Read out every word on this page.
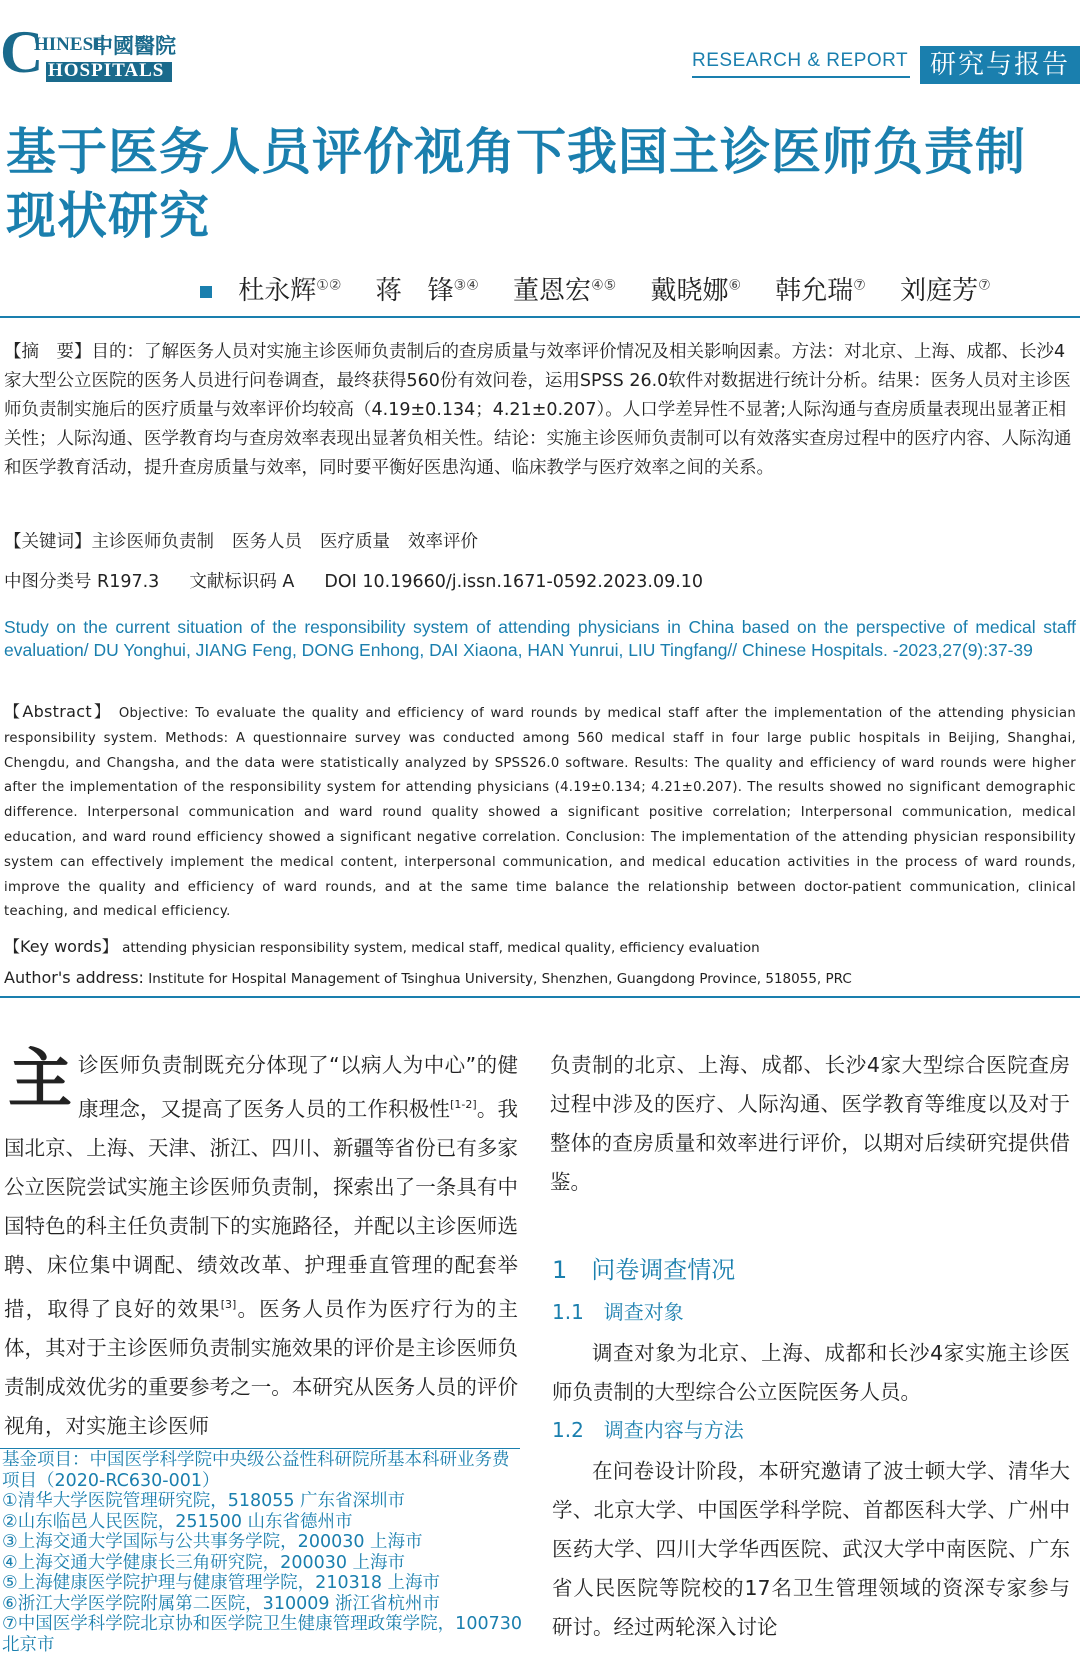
C
HINESE
中國醫院
HOSPITALS	RESEARCH & REPORT 研究与报告
基于医务人员评价视角下我国主诊医师负责制
现状研究
杜永辉①② 蒋　锋③④ 董恩宏④⑤ 戴晓娜⑥ 韩允瑞⑦ 刘庭芳⑦
【摘　要】目的：了解医务人员对实施主诊医师负责制后的查房质量与效率评价情况及相关影响因素。方法：对北京、上海、成都、长沙4家大型公立医院的医务人员进行问卷调查，最终获得560份有效问卷，运用SPSS 26.0软件对数据进行统计分析。结果：医务人员对主诊医师负责制实施后的医疗质量与效率评价均较高（4.19±0.134；4.21±0.207）。人口学差异性不显著;人际沟通与查房质量表现出显著正相关性；人际沟通、医学教育均与查房效率表现出显著负相关性。结论：实施主诊医师负责制可以有效落实查房过程中的医疗内容、人际沟通和医学教育活动，提升查房质量与效率，同时要平衡好医患沟通、临床教学与医疗效率之间的关系。
【关键词】主诊医师负责制 医务人员 医疗质量 效率评价
中图分类号 R197.3 文献标识码 A DOI 10.19660/j.issn.1671-0592.2023.09.10
Study on the current situation of the responsibility system of attending physicians in China based on the perspective of medical staff evaluation/ DU Yonghui, JIANG Feng, DONG Enhong, DAI Xiaona, HAN Yunrui, LIU Tingfang// Chinese Hospitals. -2023,27(9):37-39
【Abstract】 Objective: To evaluate the quality and efficiency of ward rounds by medical staff after the implementation of the attending physician responsibility system. Methods: A questionnaire survey was conducted among 560 medical staff in four large public hospitals in Beijing, Shanghai, Chengdu, and Changsha, and the data were statistically analyzed by SPSS26.0 software. Results: The quality and efficiency of ward rounds were higher after the implementation of the responsibility system for attending physicians (4.19±0.134; 4.21±0.207). The results showed no significant demographic difference. Interpersonal communication and ward round quality showed a significant positive correlation; Interpersonal communication, medical education, and ward round efficiency showed a significant negative correlation. Conclusion: The implementation of the attending physician responsibility system can effectively implement the medical content, interpersonal communication, and medical education activities in the process of ward rounds, improve the quality and efficiency of ward rounds, and at the same time balance the relationship between doctor-patient communication, clinical teaching, and medical efficiency.
【Key words】 attending physician responsibility system, medical staff, medical quality, efficiency evaluation
Author's address: Institute for Hospital Management of Tsinghua University, Shenzhen, Guangdong Province, 518055, PRC
主诊医师负责制既充分体现了“以病人为中心”的健康理念，又提高了医务人员的工作积极性[1-2]。我国北京、上海、天津、浙江、四川、新疆等省份已有多家公立医院尝试实施主诊医师负责制，探索出了一条具有中国特色的科主任负责制下的实施路径，并配以主诊医师选聘、床位集中调配、绩效改革、护理垂直管理的配套举措，取得了良好的效果[3]。医务人员作为医疗行为的主体，其对于主诊医师负责制实施效果的评价是主诊医师负责制成效优劣的重要参考之一。本研究从医务人员的评价视角，对实施主诊医师
负责制的北京、上海、成都、长沙4家大型综合医院查房过程中涉及的医疗、人际沟通、医学教育等维度以及对于整体的查房质量和效率进行评价，以期对后续研究提供借鉴。
1　问卷调查情况
1.1　调查对象
调查对象为北京、上海、成都和长沙4家实施主诊医师负责制的大型综合公立医院医务人员。
1.2　调查内容与方法
在问卷设计阶段，本研究邀请了波士顿大学、清华大学、北京大学、中国医学科学院、首都医科大学、广州中医药大学、四川大学华西医院、武汉大学中南医院、广东省人民医院等院校的17名卫生管理领域的资深专家参与研讨。经过两轮深入讨论
基金项目：中国医学科学院中央级公益性科研院所基本科研业务费项目（2020-RC630-001）
①清华大学医院管理研究院，518055 广东省深圳市
②山东临邑人民医院，251500 山东省德州市
③上海交通大学国际与公共事务学院，200030 上海市
④上海交通大学健康长三角研究院，200030 上海市
⑤上海健康医学院护理与健康管理学院，210318 上海市
⑥浙江大学医学院附属第二医院，310009 浙江省杭州市
⑦中国医学科学院北京协和医学院卫生健康管理政策学院，100730 北京市
